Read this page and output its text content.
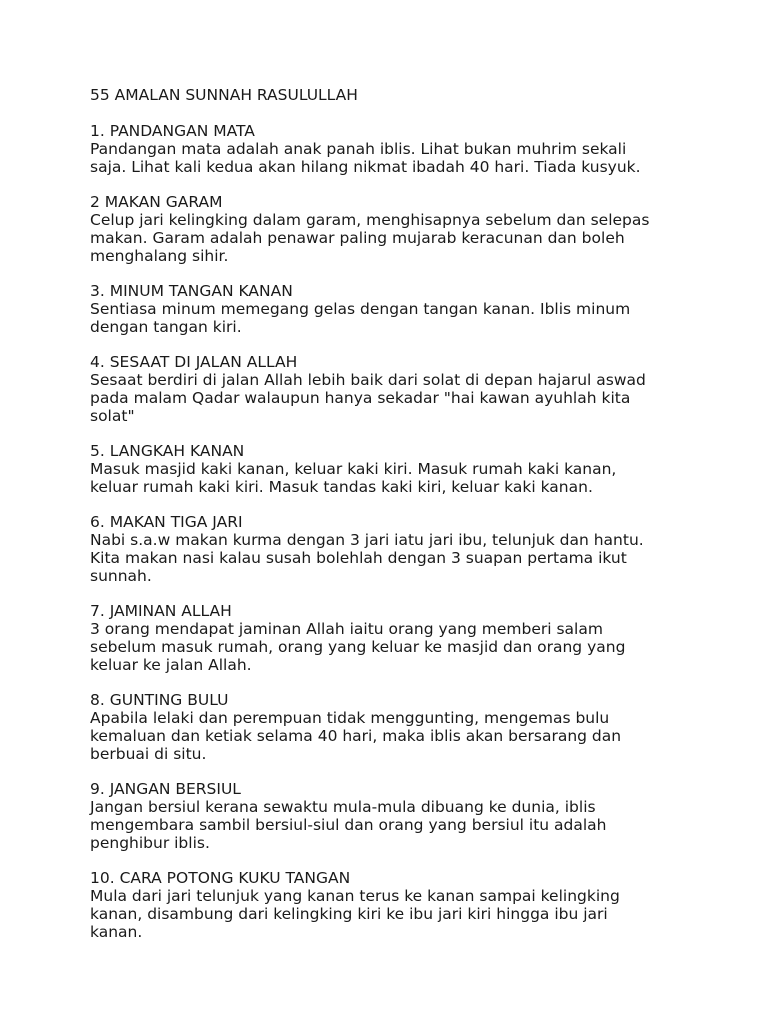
55 AMALAN SUNNAH RASULULLAH
1. PANDANGAN MATA

Pandangan mata adalah anak panah iblis. Lihat bukan muhrim sekali
saja. Lihat kali kedua akan hilang nikmat ibadah 40 hari. Tiada kusyuk.

2 MAKAN GARAM

Celup jari kelingking dalam garam, menghisapnya sebelum dan selepas
makan. Garam adalah penawar paling mujarab keracunan dan boleh
menghalang sihir.

3. MINUM TANGAN KANAN

Sentiasa minum memegang gelas dengan tangan kanan. Iblis minum
dengan tangan kiri.

4. SESAAT DI JALAN ALLAH

Sesaat berdiri di jalan Allah lebih baik dari solat di depan hajarul aswad
pada malam Qadar walaupun hanya sekadar "hai kawan ayuhlah kita
solat"

5. LANGKAH KANAN

Masuk masjid kaki kanan, keluar kaki kiri. Masuk rumah kaki kanan,
keluar rumah kaki kiri. Masuk tandas kaki kiri, keluar kaki kanan.

6. MAKAN TIGA JARI

Nabi s.a.w makan kurma dengan 3 jari iatu jari ibu, telunjuk dan hantu.
Kita makan nasi kalau susah bolehlah dengan 3 suapan pertama ikut
sunnah.

7. JAMINAN ALLAH

3 orang mendapat jaminan Allah iaitu orang yang memberi salam
sebelum masuk rumah, orang yang keluar ke masjid dan orang yang
keluar ke jalan Allah.

8. GUNTING BULU

Apabila lelaki dan perempuan tidak menggunting, mengemas bulu
kemaluan dan ketiak selama 40 hari, maka iblis akan bersarang dan
berbuai di situ.

9. JANGAN BERSIUL

Jangan bersiul kerana sewaktu mula-mula dibuang ke dunia, iblis
mengembara sambil bersiul-siul dan orang yang bersiul itu adalah
penghibur iblis.

10. CARA POTONG KUKU TANGAN

Mula dari jari telunjuk yang kanan terus ke kanan sampai kelingking
kanan, disambung dari kelingking kiri ke ibu jari kiri hingga ibu jari
kanan.
